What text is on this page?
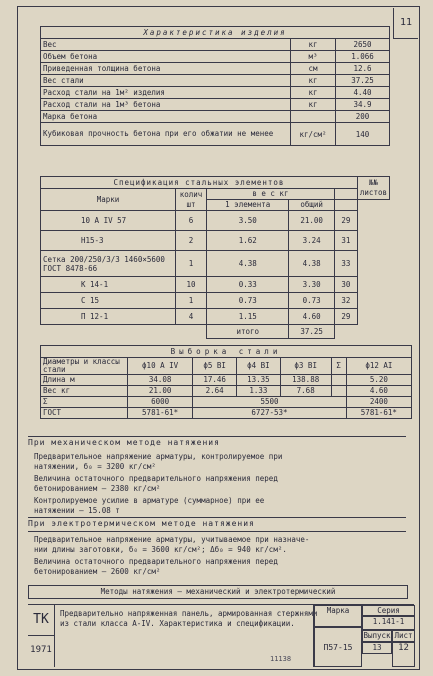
11
Характеристика изделия		
Вес	кг	2650
Объем бетона	м³	1.066
Приведенная толщина бетона	см	12.6
Вес стали	кг	37.25
Расход стали на 1м² изделия	кг	4.40
Расход стали на 1м³ бетона	кг	34.9
Марка бетона		200
Кубиковая прочность бетона при его обжатии не менее	кг/см²	140
Спецификация стальных элементов					№№ листов
Марки	колич шт	в е с кг		
		1 элемента	общий		
10 A IV 57	6	3.50	21.00	29	
Н15-3	2	1.62	3.24	31	
Сетка 200/250/3/3 1460×5600 ГОСТ 8478-66	1	4.38	4.38	33	
К 14-1	10	0.33	3.30	30	
С 15	1	0.73	0.73	32	
П 12-1	4	1.15	4.60	29	
		итого	37.25		
Выборка стали						
Диаметры и классы стали	ϕ10 A IV	ϕ5 BI	ϕ4 BI	ϕ3 BI	Σ	ϕ12 AI
Длина м	34.08	17.46	13.35	138.88		5.20
Вес кг	21.00	2.64	1.33	7.68		4.60
Σ	6000	5500				2400
ГОСТ	5781-61*	6727-53*				5781-61*
При механическом методе натяжения
Предварительное напряжение арматуры, контролируемое при
натяжении, б₀ = 3200 кг/см²
Величина остаточного предварительного напряжения перед
бетонированием — 2380 кг/см²
Контролируемое усилие в арматуре (суммарное) при ее
натяжении — 15.08 т
При электротермическом методе натяжения
Предварительное напряжение арматуры, учитываемое при назначе-
нии длины заготовки, б₀ = 3600 кг/см²; Δб₀ = 940 кг/см².
Величина остаточного предварительного напряжения перед
бетонированием — 2600 кг/см²
Методы натяжения — механический и электротермический
ТК
1971
Предварительно напряженная панель, армированная стержнями из стали класса A-IV. Характеристика и спецификации.
Марка
П57-15
Серия
1.141-1
Выпуск
13
Лист
12
11138
